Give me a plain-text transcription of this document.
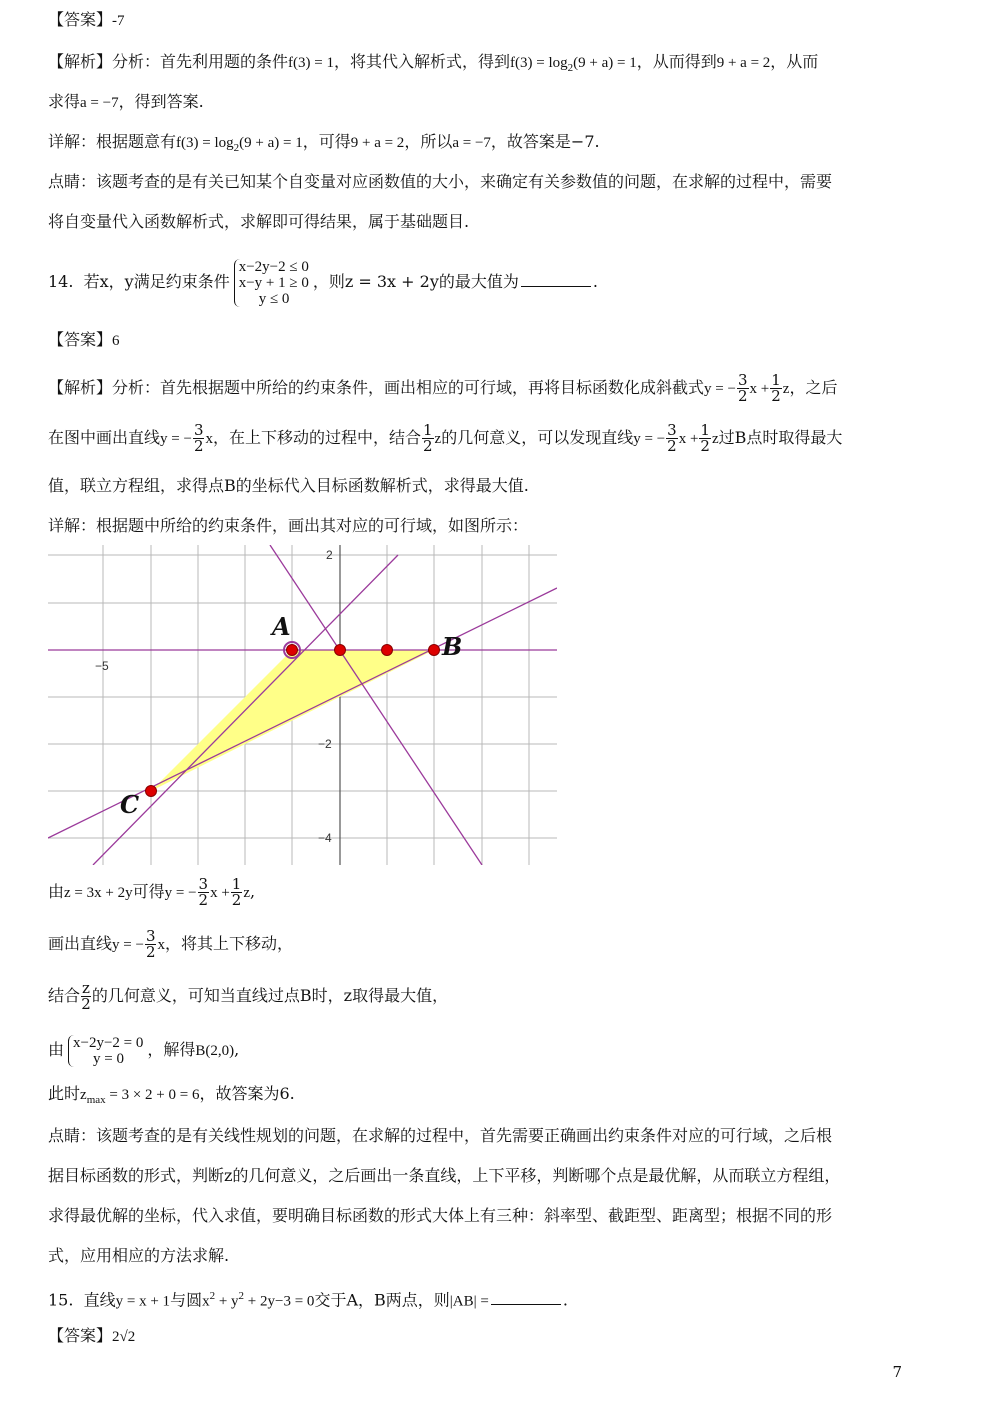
【答案】-7
【解析】分析：首先利用题的条件f(3) = 1，将其代入解析式，得到$f(3) = \log_2(9 + a) = 1$，从而得到9 + a = 2，从而
求得a = −7，得到答案.
详解：根据题意有$f(3) = \log_2(9 + a) = 1$，可得9 + a = 2，所以a = −7，故答案是−7.
点睛：该题考查的是有关已知某个自变量对应函数值的大小，来确定有关参数值的问题，在求解的过程中，需要
将自变量代入函数解析式，求解即可得结果，属于基础题目.
14. 若x，y满足约束条件
x−2y−2 ≤ 0
x−y + 1 ≥ 0
y ≤ 0
，则z = 3x + 2y的最大值为	.
【答案】6
【解析】分析：首先根据题中所给的约束条件，画出相应的可行域，再将目标函数化成斜截式y = − $\frac{3}{2}$ $x + \frac{1}{2}$ z，之后
在图中画出直线y = − $\frac{3}{2}$ x，在上下移动的过程中，结合 $\frac{1}{2}$ z的几何意义，可以发现直线y = − $\frac{3}{2}$ $x + \frac{1}{2}$ z过B点时取得最大
值，联立方程组，求得点B的坐标代入目标函数解析式，求得最大值.
详解：根据题中所给的约束条件，画出其对应的可行域，如图所示：
2
−5
−2
−4
A
B
C
由z = 3x + 2y可得y = − $\frac{3}{2}$ $x + \frac{1}{2} z$,
画出直线y = − $\frac{3}{2}$ x，将其上下移动，
结合 $\frac{z}{2}$ 的几何意义，可知当直线过点B时，z取得最大值，
由 x−2y−2 = 0
y = 0	，解得B(2,0),
此时$z_{max} = 3 \times 2 + 0 = 6$，故答案为6.
点睛：该题考查的是有关线性规划的问题，在求解的过程中，首先需要正确画出约束条件对应的可行域，之后根
据目标函数的形式，判断z的几何意义，之后画出一条直线，上下平移，判断哪个点是最优解，从而联立方程组，
求得最优解的坐标，代入求值，要明确目标函数的形式大体上有三种：斜率型、截距型、距离型；根据不同的形
式，应用相应的方法求解.
15. 直线y = x + 1与圆$x^2 + y^2 + 2y-3 = 0$交于A，B两点，则|AB| =	.
【答案】2√2
7
